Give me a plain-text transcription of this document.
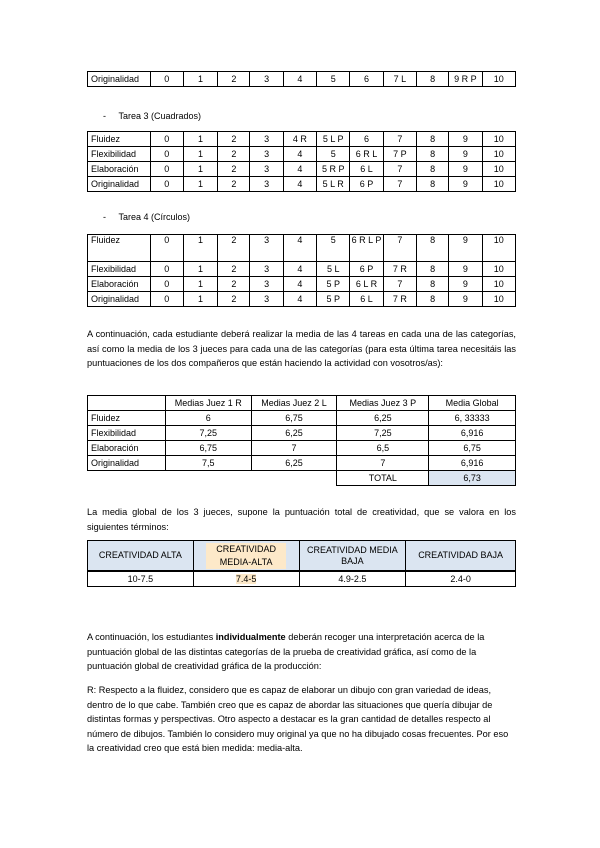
Originalidad	0	1	2	3	4	5	6	7 L	8	9 R P	10
- Tarea 3 (Cuadrados)
Fluidez	0	1	2	3	4 R	5 L P	6	7	8	9	10
Flexibilidad	0	1	2	3	4	5	6 R L	7 P	8	9	10
Elaboración	0	1	2	3	4	5 R P	6 L	7	8	9	10
Originalidad	0	1	2	3	4	5 L R	6 P	7	8	9	10
- Tarea 4 (Círculos)
Fluidez	0	1	2	3	4	5	6 R L P	7	8	9	10
Flexibilidad	0	1	2	3	4	5 L	6 P	7 R	8	9	10
Elaboración	0	1	2	3	4	5 P	6 L R	7	8	9	10
Originalidad	0	1	2	3	4	5 P	6 L	7 R	8	9	10
A continuación, cada estudiante deberá realizar la media de las 4 tareas en cada una de las categorías, así como la media de los 3 jueces para cada una de las categorías (para esta última tarea necesitáis las puntuaciones de los dos compañeros que están haciendo la actividad con vosotros/as):
	Medias Juez 1 R	Medias Juez 2 L	Medias Juez 3 P	Media Global
Fluidez	6	6,75	6,25	6, 33333
Flexibilidad	7,25	6,25	7,25	6,916
Elaboración	6,75	7	6,5	6,75
Originalidad	7,5	6,25	7	6,916
			TOTAL	6,73
La media global de los 3 jueces, supone la puntuación total de creatividad, que se valora en los siguientes términos:
CREATIVIDAD ALTA	CREATIVIDAD MEDIA-ALTA	CREATIVIDAD MEDIA BAJA	CREATIVIDAD BAJA
10-7.5	7.4-5	4.9-2.5	2.4-0
A continuación, los estudiantes individualmente deberán recoger una interpretación acerca de la puntuación global de las distintas categorías de la prueba de creatividad gráfica, así como de la puntuación global de creatividad gráfica de la producción:
R: Respecto a la fluidez, considero que es capaz de elaborar un dibujo con gran variedad de ideas, dentro de lo que cabe. También creo que es capaz de abordar las situaciones que quería dibujar de distintas formas y perspectivas. Otro aspecto a destacar es la gran cantidad de detalles respecto al número de dibujos. También lo considero muy original ya que no ha dibujado cosas frecuentes. Por eso la creatividad creo que está bien medida: media-alta.
